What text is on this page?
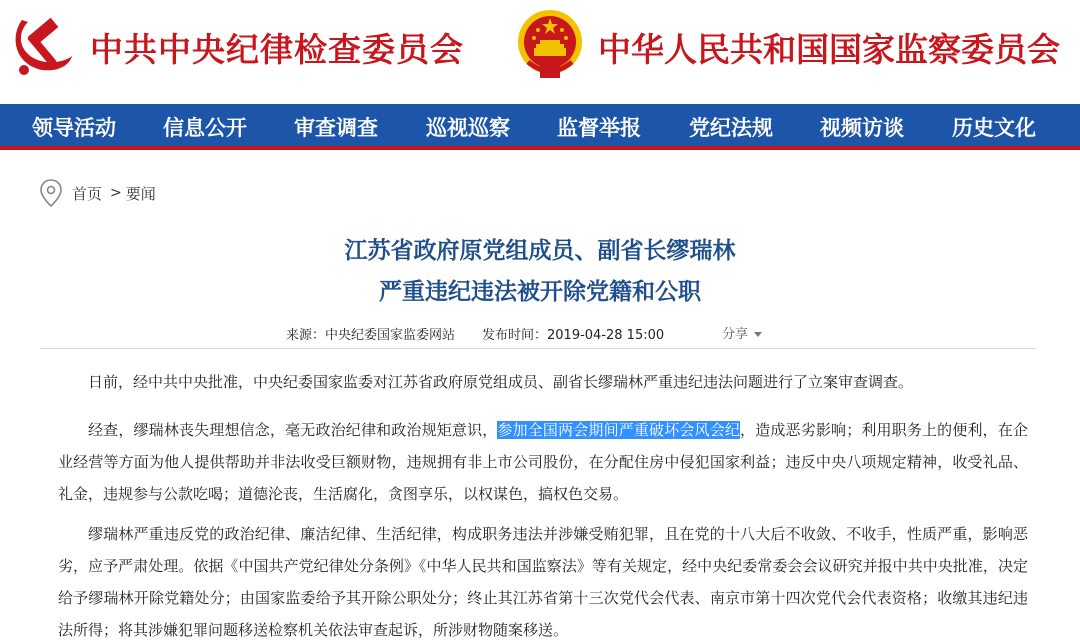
中共中央纪律检查委员会	中华人民共和国国家监察委员会
领导活动 信息公开 审查调查 巡视巡察 监督举报 党纪法规 视频访谈 历史文化
首页 > 要闻
江苏省政府原党组成员、副省长缪瑞林
严重违纪违法被开除党籍和公职
来源：中央纪委国家监委网站 发布时间：2019-04-28 15:00	分享

日前，经中共中央批准，中央纪委国家监委对江苏省政府原党组成员、副省长缪瑞林严重违纪违法问题进行了立案审查调查。

经查，缪瑞林丧失理想信念，毫无政治纪律和政治规矩意识，参加全国两会期间严重破坏会风会纪，造成恶劣影响；利用职务上的便利，在企业经营等方面为他人提供帮助并非法收受巨额财物，违规拥有非上市公司股份，在分配住房中侵犯国家利益；违反中央八项规定精神，收受礼品、礼金，违规参与公款吃喝；道德沦丧，生活腐化，贪图享乐，以权谋色，搞权色交易。

缪瑞林严重违反党的政治纪律、廉洁纪律、生活纪律，构成职务违法并涉嫌受贿犯罪，且在党的十八大后不收敛、不收手，性质严重，影响恶劣，应予严肃处理。依据《中国共产党纪律处分条例》《中华人民共和国监察法》等有关规定，经中央纪委常委会会议研究并报中共中央批准，决定给予缪瑞林开除党籍处分；由国家监委给予其开除公职处分；终止其江苏省第十三次党代会代表、南京市第十四次党代会代表资格；收缴其违纪违法所得；将其涉嫌犯罪问题移送检察机关依法审查起诉，所涉财物随案移送。
